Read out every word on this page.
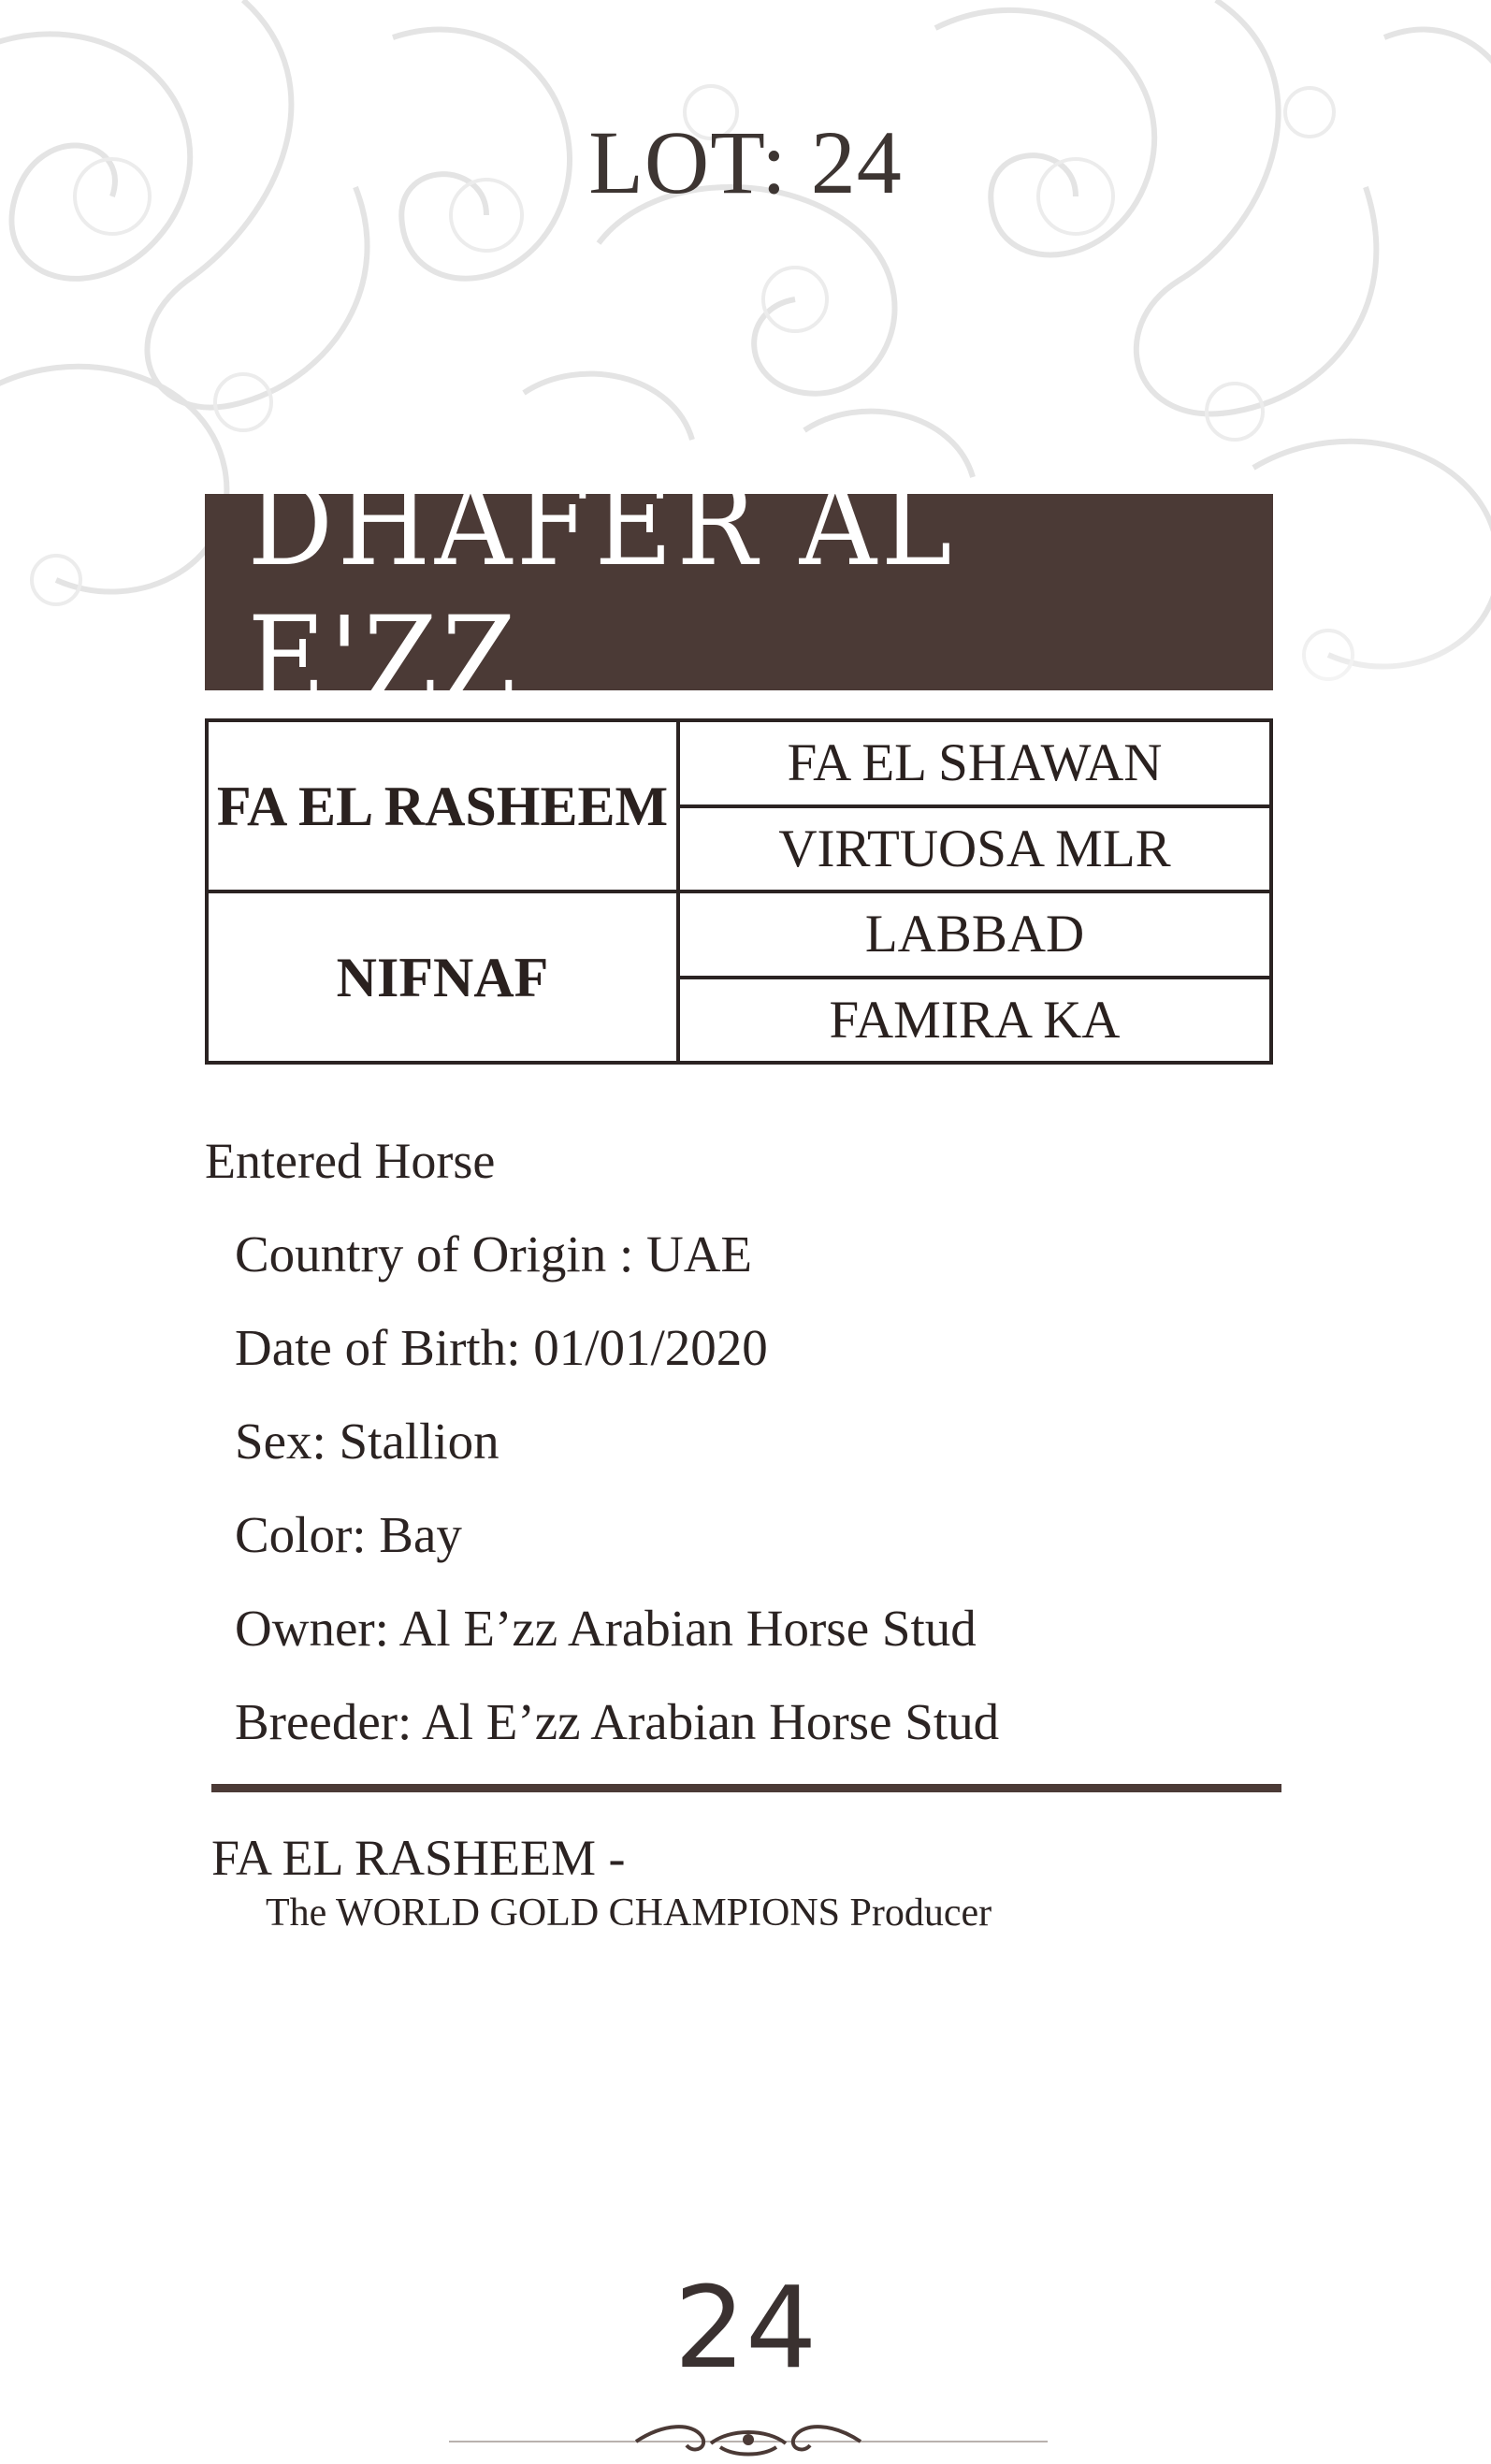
LOT: 24
DHAFER AL E'ZZ
FA EL RASHEEM	FA EL SHAWAN
	VIRTUOSA MLR
NIFNAF	LABBAD
	FAMIRA KA
Entered Horse
Country of Origin : UAE
Date of Birth: 01/01/2020
Sex: Stallion
Color: Bay
Owner: Al E’zz Arabian Horse Stud
Breeder: Al E’zz Arabian Horse Stud
FA EL RASHEEM -
The WORLD GOLD CHAMPIONS Producer
24
